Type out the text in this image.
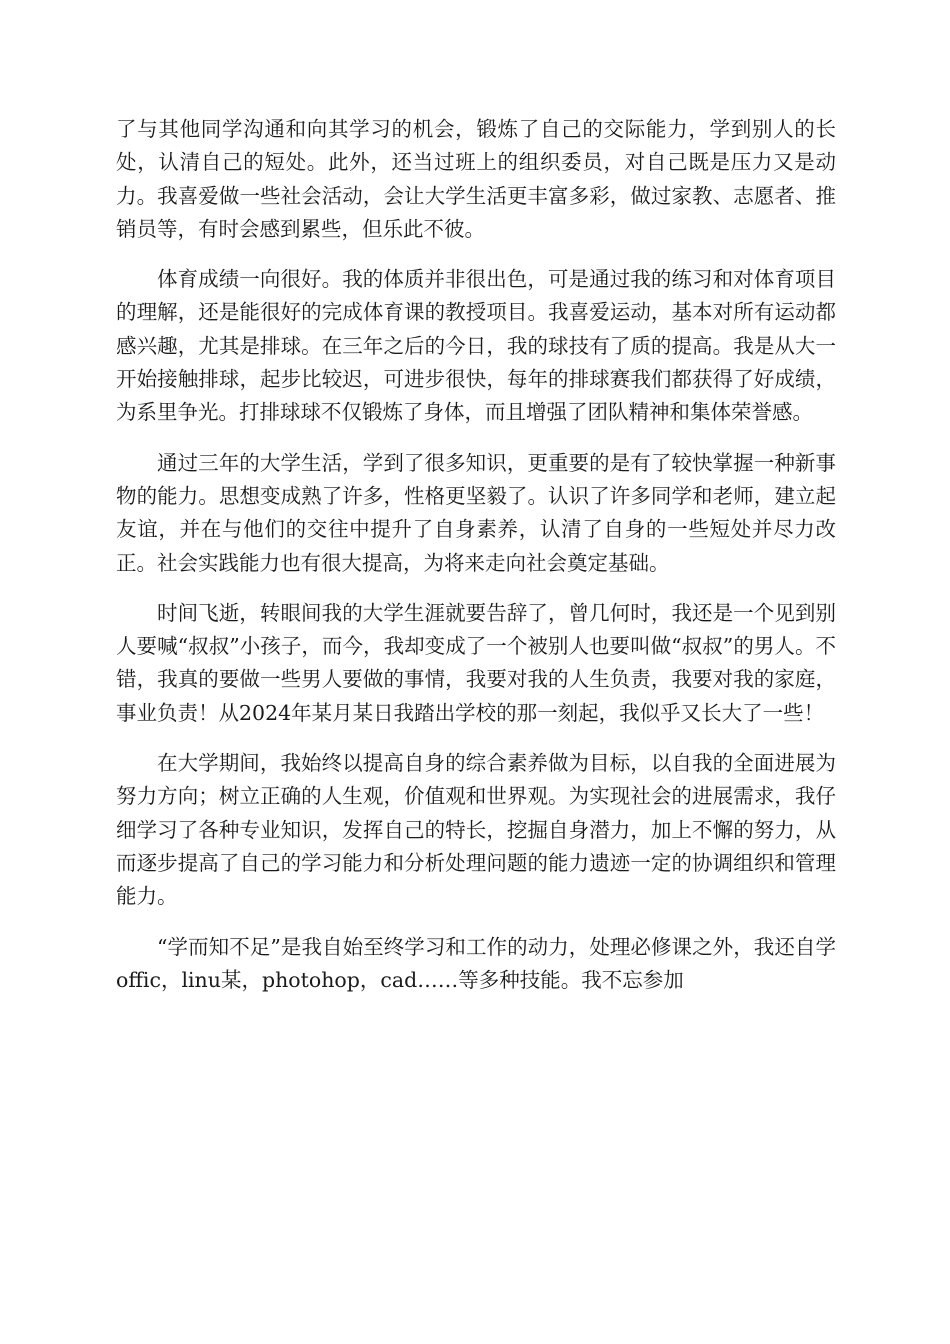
了与其他同学沟通和向其学习的机会，锻炼了自己的交际能力，学到别人的长处，认清自己的短处。此外，还当过班上的组织委员，对自己既是压力又是动力。我喜爱做一些社会活动，会让大学生活更丰富多彩，做过家教、志愿者、推销员等，有时会感到累些，但乐此不彼。

体育成绩一向很好。我的体质并非很出色，可是通过我的练习和对体育项目的理解，还是能很好的完成体育课的教授项目。我喜爱运动，基本对所有运动都感兴趣，尤其是排球。在三年之后的今日，我的球技有了质的提高。我是从大一开始接触排球，起步比较迟，可进步很快，每年的排球赛我们都获得了好成绩，为系里争光。打排球球不仅锻炼了身体，而且增强了团队精神和集体荣誉感。

通过三年的大学生活，学到了很多知识，更重要的是有了较快掌握一种新事物的能力。思想变成熟了许多，性格更坚毅了。认识了许多同学和老师，建立起友谊，并在与他们的交往中提升了自身素养，认清了自身的一些短处并尽力改正。社会实践能力也有很大提高，为将来走向社会奠定基础。

时间飞逝，转眼间我的大学生涯就要告辞了，曾几何时，我还是一个见到别人要喊“叔叔”小孩子，而今，我却变成了一个被别人也要叫做“叔叔”的男人。不错，我真的要做一些男人要做的事情，我要对我的人生负责，我要对我的家庭，事业负责！从2024年某月某日我踏出学校的那一刻起，我似乎又长大了一些！

在大学期间，我始终以提高自身的综合素养做为目标，以自我的全面进展为努力方向；树立正确的人生观，价值观和世界观。为实现社会的进展需求，我仔细学习了各种专业知识，发挥自己的特长，挖掘自身潜力，加上不懈的努力，从而逐步提高了自己的学习能力和分析处理问题的能力遗迹一定的协调组织和管理能力。

“学而知不足”是我自始至终学习和工作的动力，处理必修课之外，我还自学offic，linu某，photohop，cad……等多种技能。我不忘参加
